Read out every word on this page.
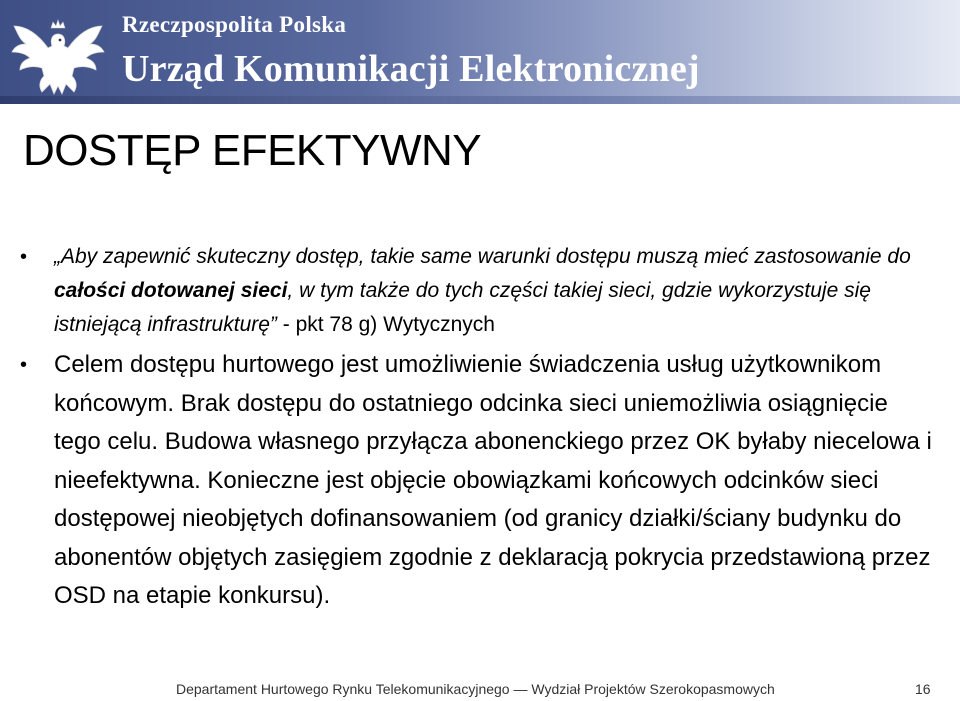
Rzeczpospolita Polska
Urząd Komunikacji Elektronicznej
DOSTĘP EFEKTYWNY
• „Aby zapewnić skuteczny dostęp, takie same warunki dostępu muszą mieć zastosowanie do całości dotowanej sieci, w tym także do tych części takiej sieci, gdzie wykorzystuje się istniejącą infrastrukturę” - pkt 78 g) Wytycznych
• Celem dostępu hurtowego jest umożliwienie świadczenia usług użytkownikom końcowym. Brak dostępu do ostatniego odcinka sieci uniemożliwia osiągnięcie tego celu. Budowa własnego przyłącza abonenckiego przez OK byłaby niecelowa i nieefektywna. Konieczne jest objęcie obowiązkami końcowych odcinków sieci dostępowej nieobjętych dofinansowaniem (od granicy działki/ściany budynku do abonentów objętych zasięgiem zgodnie z deklaracją pokrycia przedstawioną przez OSD na etapie konkursu).
Departament Hurtowego Rynku Telekomunikacyjnego — Wydział Projektów Szerokopasmowych	16
